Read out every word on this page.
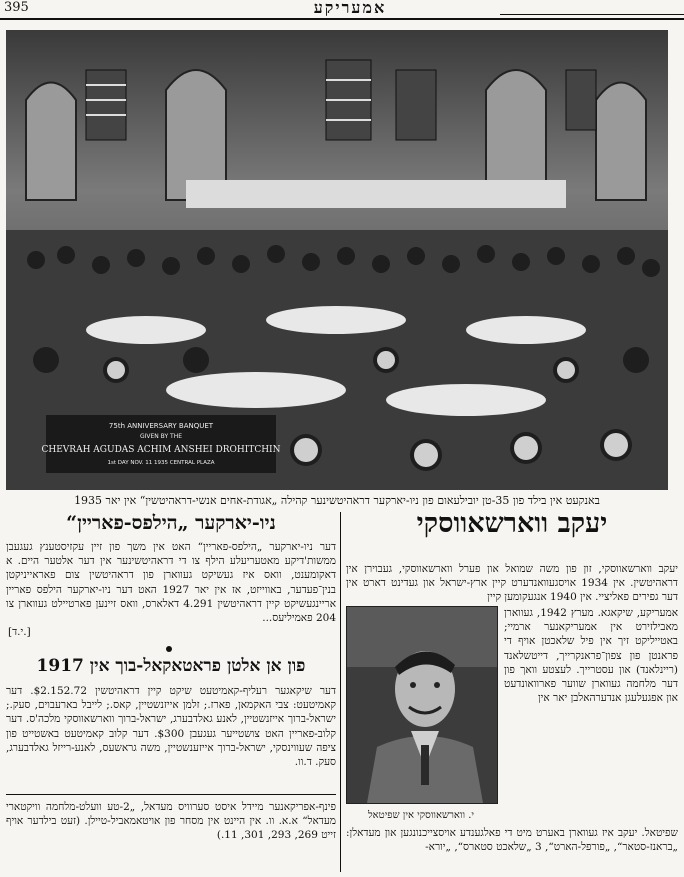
395	אמעריקע
75th ANNIVERSARY BANQUET
GIVEN BY THE
CHEVRAH AGUDAS ACHIM ANSHEI DROHITCHIN
1st DAY NOV. 11 1935 CENTRAL PLAZA
באנקעט אין בילד פון 35-טן יובילעאום פון ניו-יארקער דראהיטשינער קהילה „אגודת-אחים אנשי-דראהיטשין“ אין יאר 1935
ניו-יארקער „הילפס-פאריין“
דער ניו-יארקער „הילפס-פאריין“ האט אין משך פון זיין עקזיסטענץ געגעבן ממשות'דיקע מאטעריעלע הילף צו די דראהיטשינער אין דער אלטער היים. א דאקומענט, וואס איז געשיקט געווארן פון דראהיטשין צום פאראייניקטן בנין־פעדער, באווייזט, אז אין יאר 1927 האט דער ניו-יארקער הילפס פאריין אריינגעשיקט קיין דראהיטשין 4.291 דאלארס, וואס זיינען פארטיילט געווארן צו 204 פאמיליעס...
[י.ד.]
פון אן אלטן פראטאקאל-בוך אין 1917
דער שיקאגער רעליף-קאמיטעט שיקט קיין דראהיטשין $2.152.72. דער קאמיטעט: צבי האקמאן, פארז.; זלמן אייזנשטיין, קאס.; לייבל בארעבוים, סעק.; ישראל-ברוך אייזנשטיין, לאנע גאלדבערג, ישראל-ברוך ווארשאווסקי מלכה'ס. דער קלוב-פאריין האט צושטייער געגעבן $300. דער קלוב קאמיטעט באשטייט פון ציפה שעווינסקי, ישראל-ברוך אייזענשטיין, משה גראשעס, לאנע-רייזל גאלדבערג, סעק. ד.וו.
פינף-אפריקאנער מיידל איסט סערוויס מעדאל, „2-טע וועלט-מלחמה וויקטארי מעדאל“ א.א. וו. אין היינט אין מסחר פון אויטאמאביל-טיילן. (זעט בילדער אויף זייט 269, 293, 301, 11.)
יעקב ווארשאווסקי
יעקב ווארשאווסקי, זון פון משה שמואל און פערל ווארשאווסקי, געבוירן אין דראהיטשין. אין 1934 אויסגעוואנדערט קיין ארץ-ישראל און געדינט דארט אין דער גפירים פאליציי. אין 1940 אנגעקומען קיין
י. ווארשאווסקי אין שפיטאל
אמעריקע, שיקאגא. מערץ 1942, געווארן מאבילזירט אין אמעריקאנער ארמיי; באטייליקט זיך אין פיל שלאכטן אויף די פראנטן פון צפון־פראנקרייך, דייטשלאנד (ריינלאנד) און עסטרייך. לעצטע וואך פון דער מלחמה געווארן שווער פארוואונדעט און אפגעלעגן אנדערהאלבן יאר אין
שפיטאל. יעקב איז געווארן באערט מיט די פאלגענדע אויסצייכנונגען און מעדאלן: „בראנז-סטאר“, „פורפל-הארט“, 3 „שלאכט סטארס“, „יורא-
